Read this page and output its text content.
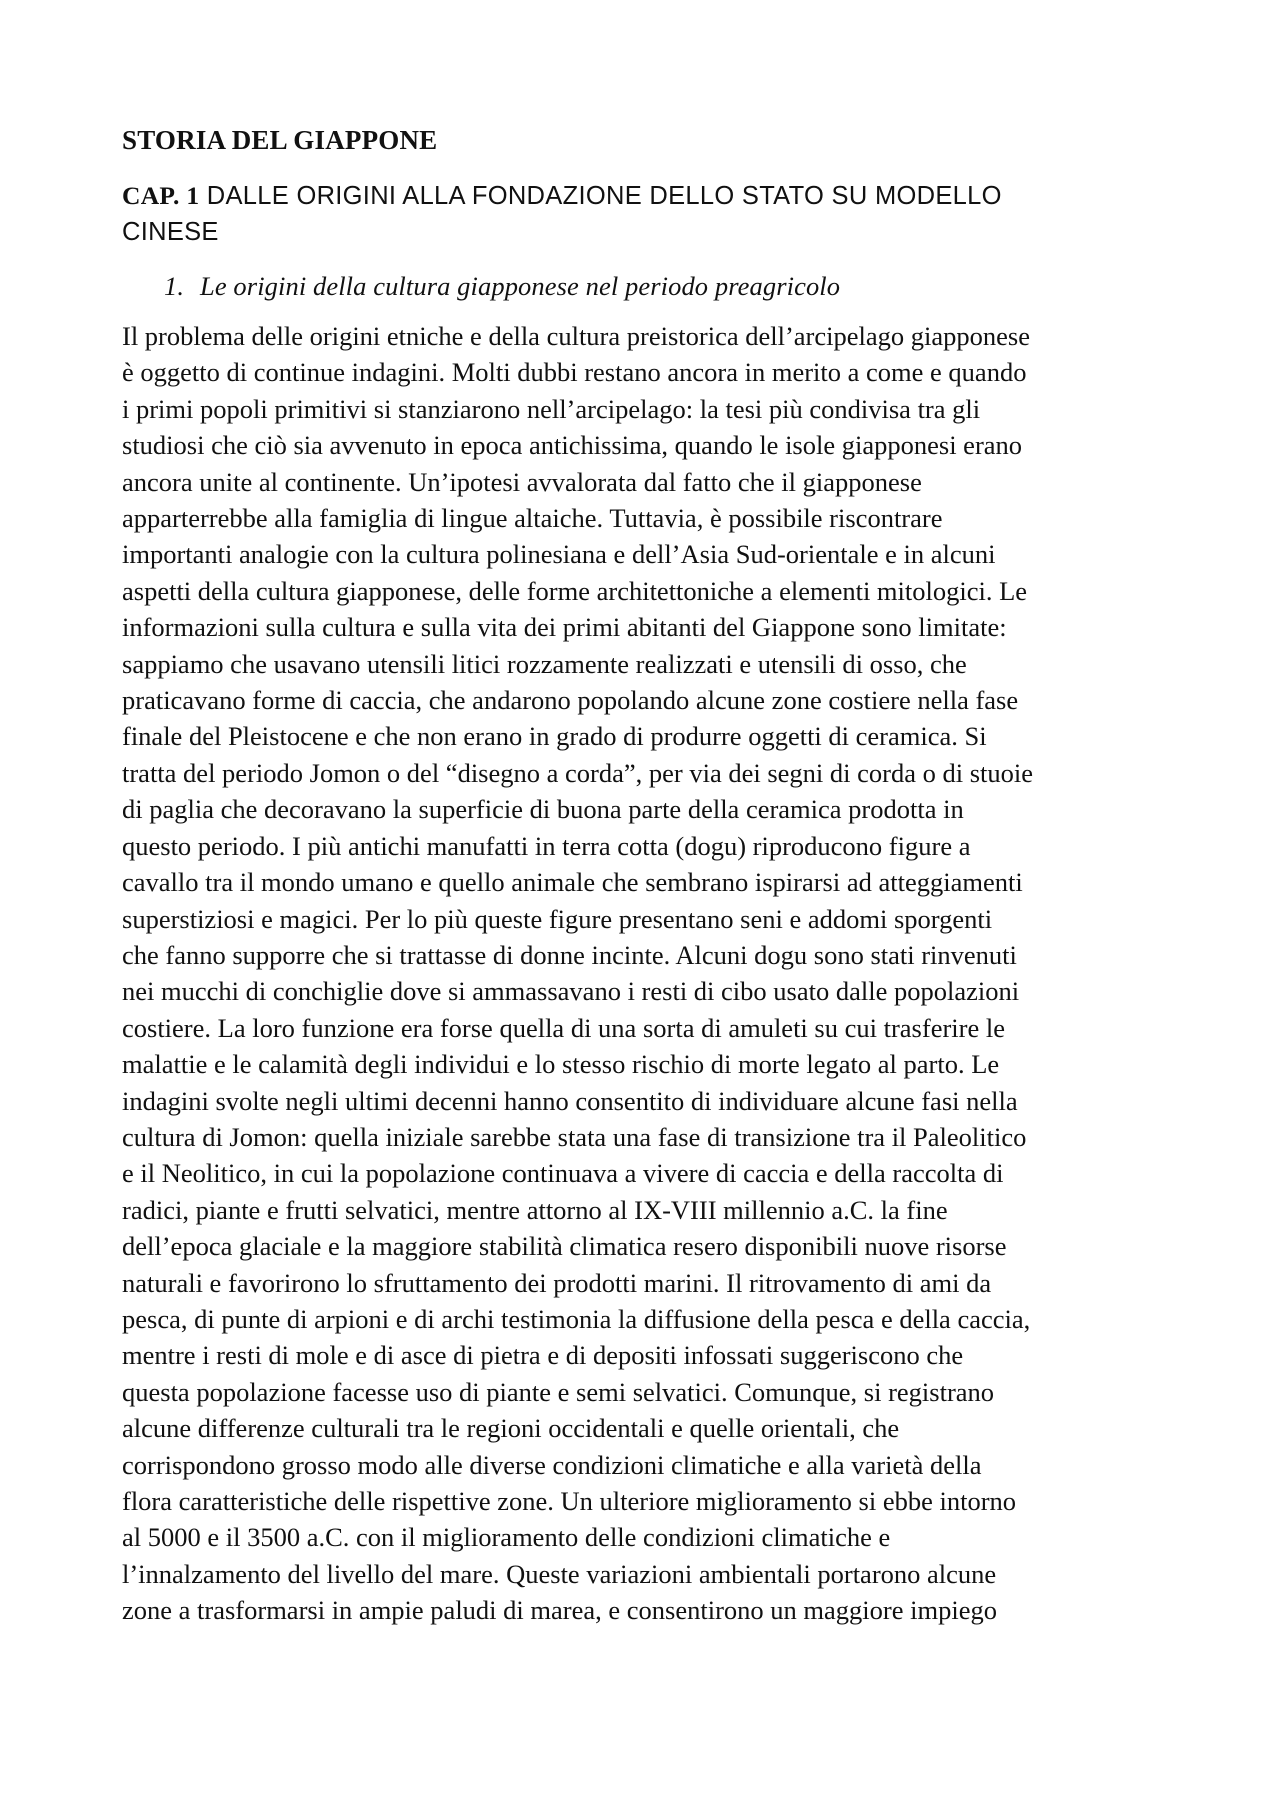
STORIA DEL GIAPPONE
CAP. 1 DALLE ORIGINI ALLA FONDAZIONE DELLO STATO SU MODELLO
CINESE
1. Le origini della cultura giapponese nel periodo preagricolo
Il problema delle origini etniche e della cultura preistorica dell’arcipelago giapponese
è oggetto di continue indagini. Molti dubbi restano ancora in merito a come e quando
i primi popoli primitivi si stanziarono nell’arcipelago: la tesi più condivisa tra gli
studiosi che ciò sia avvenuto in epoca antichissima, quando le isole giapponesi erano
ancora unite al continente. Un’ipotesi avvalorata dal fatto che il giapponese
apparterrebbe alla famiglia di lingue altaiche. Tuttavia, è possibile riscontrare
importanti analogie con la cultura polinesiana e dell’Asia Sud-orientale e in alcuni
aspetti della cultura giapponese, delle forme architettoniche a elementi mitologici. Le
informazioni sulla cultura e sulla vita dei primi abitanti del Giappone sono limitate:
sappiamo che usavano utensili litici rozzamente realizzati e utensili di osso, che
praticavano forme di caccia, che andarono popolando alcune zone costiere nella fase
finale del Pleistocene e che non erano in grado di produrre oggetti di ceramica. Si
tratta del periodo Jomon o del “disegno a corda”, per via dei segni di corda o di stuoie
di paglia che decoravano la superficie di buona parte della ceramica prodotta in
questo periodo. I più antichi manufatti in terra cotta (dogu) riproducono figure a
cavallo tra il mondo umano e quello animale che sembrano ispirarsi ad atteggiamenti
superstiziosi e magici. Per lo più queste figure presentano seni e addomi sporgenti
che fanno supporre che si trattasse di donne incinte. Alcuni dogu sono stati rinvenuti
nei mucchi di conchiglie dove si ammassavano i resti di cibo usato dalle popolazioni
costiere. La loro funzione era forse quella di una sorta di amuleti su cui trasferire le
malattie e le calamità degli individui e lo stesso rischio di morte legato al parto. Le
indagini svolte negli ultimi decenni hanno consentito di individuare alcune fasi nella
cultura di Jomon: quella iniziale sarebbe stata una fase di transizione tra il Paleolitico
e il Neolitico, in cui la popolazione continuava a vivere di caccia e della raccolta di
radici, piante e frutti selvatici, mentre attorno al IX-VIII millennio a.C. la fine
dell’epoca glaciale e la maggiore stabilità climatica resero disponibili nuove risorse
naturali e favorirono lo sfruttamento dei prodotti marini. Il ritrovamento di ami da
pesca, di punte di arpioni e di archi testimonia la diffusione della pesca e della caccia,
mentre i resti di mole e di asce di pietra e di depositi infossati suggeriscono che
questa popolazione facesse uso di piante e semi selvatici. Comunque, si registrano
alcune differenze culturali tra le regioni occidentali e quelle orientali, che
corrispondono grosso modo alle diverse condizioni climatiche e alla varietà della
flora caratteristiche delle rispettive zone. Un ulteriore miglioramento si ebbe intorno
al 5000 e il 3500 a.C. con il miglioramento delle condizioni climatiche e
l’innalzamento del livello del mare. Queste variazioni ambientali portarono alcune
zone a trasformarsi in ampie paludi di marea, e consentirono un maggiore impiego
